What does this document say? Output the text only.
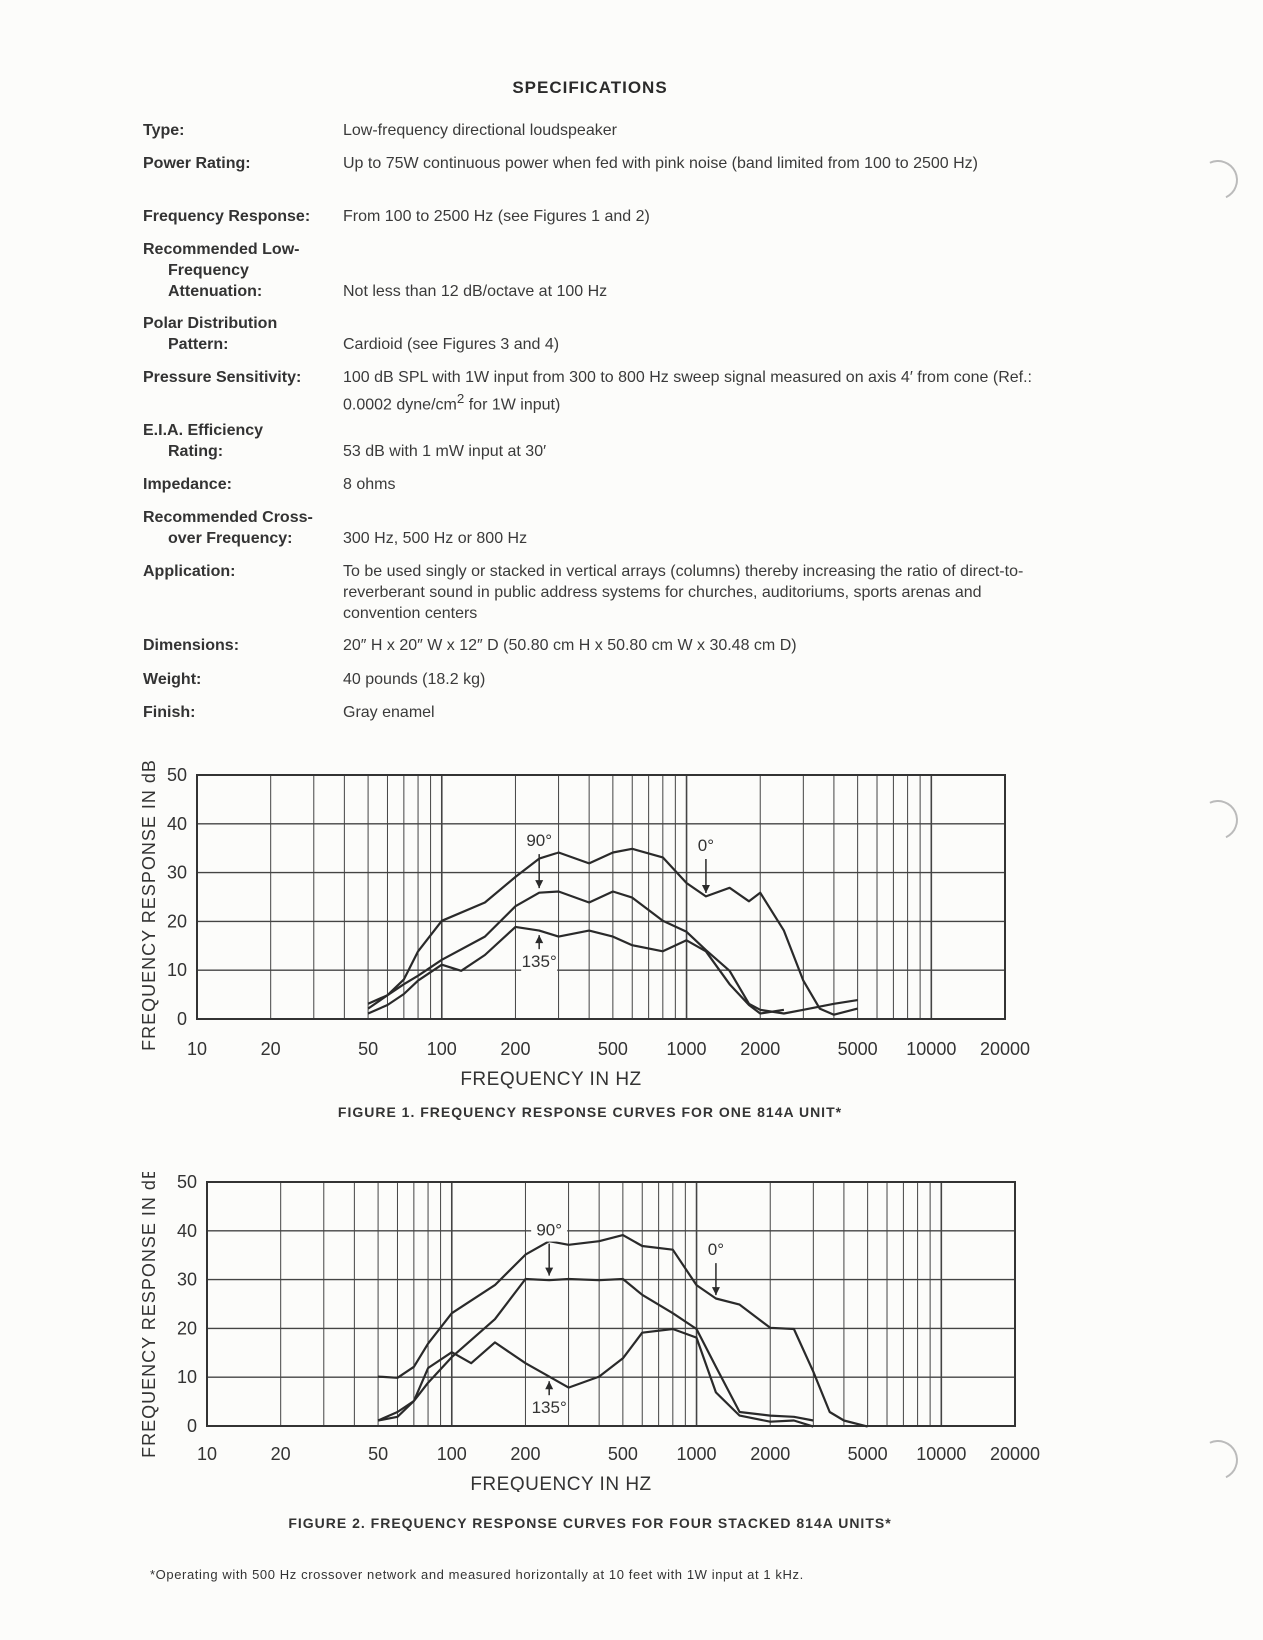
SPECIFICATIONS
Type:	Low-frequency directional loudspeaker
Power Rating:	Up to 75W continuous power when fed with pink noise (band limited from 100 to 2500 Hz)
Frequency Response:	From 100 to 2500 Hz (see Figures 1 and 2)
Recommended Low-
Frequency
Attenuation:	Not less than 12 dB/octave at 100 Hz
Polar Distribution
Pattern:	Cardioid (see Figures 3 and 4)
Pressure Sensitivity:	100 dB SPL with 1W input from 300 to 800 Hz sweep signal measured on axis 4′ from cone (Ref.: 0.0002 dyne/$cm^2$ for 1W input)
E.I.A. Efficiency
Rating:	53 dB with 1 mW input at 30′
Impedance:	8 ohms
Recommended Cross-
over Frequency:	300 Hz, 500 Hz or 800 Hz
Application:	To be used singly or stacked in vertical arrays (columns) thereby increasing the ratio of direct-to-reverberant sound in public address systems for churches, auditoriums, sports arenas and convention centers
Dimensions:	20″ H x 20″ W x 12″ D (50.80 cm H x 50.80 cm W x 30.48 cm D)
Weight:	40 pounds (18.2 kg)
Finish:	Gray enamel
0
10
20
30
40
50
10	20	50	100 200	500 1000 2000	5000 10000 20000
FREQUENCY IN HZ
FREQUENCY RESPONSE IN dB	90°	0°
135°
FIGURE 1. FREQUENCY RESPONSE CURVES FOR ONE 814A UNIT*
0
10
20
30
40
50
10	20	50	100 200	500 1000 2000	5000 10000 20000
FREQUENCY IN HZ
FREQUENCY RESPONSE IN dB	90°
0°
135°
FIGURE 2. FREQUENCY RESPONSE CURVES FOR FOUR STACKED 814A UNITS*
*Operating with 500 Hz crossover network and measured horizontally at 10 feet with 1W input at 1 kHz.
